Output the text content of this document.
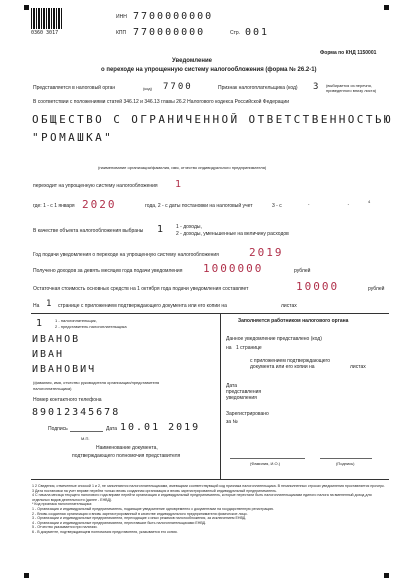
0360 3017
ИНН 7700000000
КПП 770000000	Стр. 001
Форма по КНД 1150001
Уведомление
о переходе на упрощенную систему налогообложения (форма № 26.2-1)
Представляется в налоговый орган	(код) 7700	Признак налогоплательщика (код) 3 (выбирается из перечня, приведенного внизу листа)
В соответствии с положениями статей 346.12 и 346.13 главы 26.2 Налогового кодекса Российской Федерации
ОБЩЕСТВО С ОГРАНИЧЕННОЙ ОТВЕТСТВЕННОСТЬЮ
"РОМАШКА"
(наименование организации/фамилия, имя, отчество индивидуального предпринимателя)
переходит на упрощенную систему налогообложения 1
где: 1 - с 1 января 2020	года, 2 - с даты постановки на налоговый учет	3 - с	. . 4
В качестве объекта налогообложения выбраны 1 1 - доходы,
2 - доходы, уменьшенные на величину расходов
Год подачи уведомления о переходе на упрощенную систему налогообложения	2019
Получено доходов за девять месяцев года подачи уведомления 1000000	рублей
Остаточная стоимость основных средств на 1 октября года подачи уведомления составляет	10000	рублей
На 1 странице с приложением подтверждающего документа или его копии на	листах
1	1 - налогоплательщик,
2 - представитель налогоплательщика
ИВАНОВ
ИВАН
ИВАНОВИЧ
(фамилия, имя, отчество руководителя организации/представителя
налогоплательщика)
Номер контактного телефона
89012345678
Подпись	Дата 10.01 2019
М.П.
Наименование документа,
подтверждающего полномочия представителя
Заполняется работником налогового органа
Данное уведомление представлено (код)
на 1 странице
с приложением подтверждающего
документа или его копии на	листах
Дата
представления
уведомления
Зарегистрировано
за №
(Фамилия, И.О.)	(Подпись)
1 2 Сведения, отмеченные сноской 1 и 2, не заполняются налогоплательщиками, имеющими соответствующий код признака налогоплательщика. В незаполненных строках уведомления проставляется прочерк.
3 Дата постановки на учет вправе перейти только вновь созданная организация и вновь зарегистрированный индивидуальный предприниматель.
4 С начала месяца текущего налогового года вправе перейти организация и индивидуальный предприниматель, которые перестали быть налогоплательщиками единого налога на вмененный доход для отдельных видов деятельности (далее - ЕНВД).
* Код признака налогоплательщика:
1 - Организация и индивидуальный предприниматель, подающие уведомление одновременно с документами на государственную регистрацию.
2 - Вновь созданная организация и вновь зарегистрированный в качестве индивидуального предпринимателя физическое лицо.
3 - Организации и индивидуальные предприниматели, переходящие с иных режимов налогообложения, за исключением ЕНВД.
4 - Организации и индивидуальные предприниматели, переставшие быть налогоплательщиками ЕНВД.
5 - Отчество указывается при наличии.
6 - В документе, подтверждающем полномочия представителя, указывается его копия.
